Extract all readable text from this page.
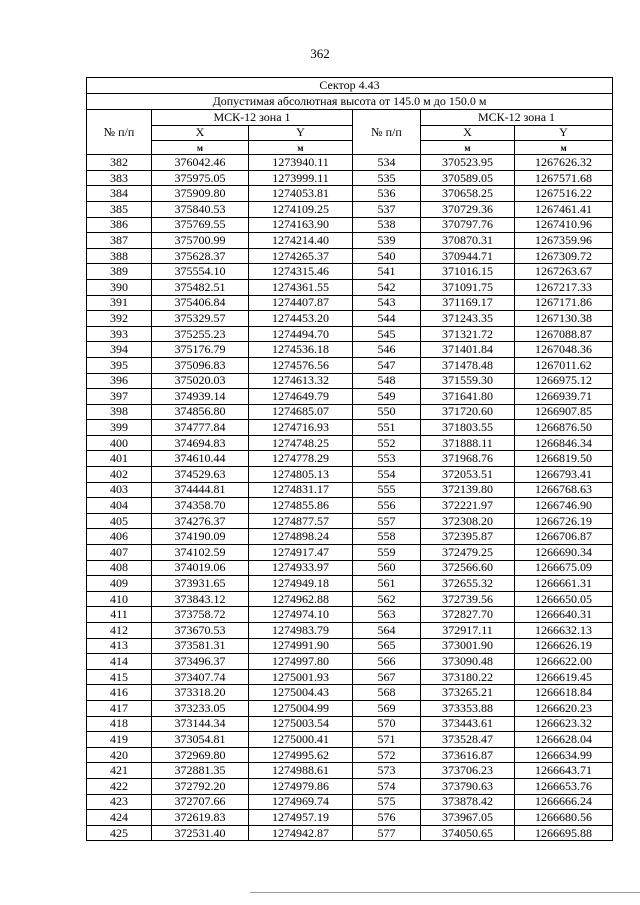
362
Сектор 4.43					
Допустимая абсолютная высота от 145.0 м до 150.0 м					
№ п/п	МСК-12 зона 1		№ п/п	МСК-12 зона 1	
	X	Y		X	Y
	м	м		м	м
382	376042.46	1273940.11	534	370523.95	1267626.32
383	375975.05	1273999.11	535	370589.05	1267571.68
384	375909.80	1274053.81	536	370658.25	1267516.22
385	375840.53	1274109.25	537	370729.36	1267461.41
386	375769.55	1274163.90	538	370797.76	1267410.96
387	375700.99	1274214.40	539	370870.31	1267359.96
388	375628.37	1274265.37	540	370944.71	1267309.72
389	375554.10	1274315.46	541	371016.15	1267263.67
390	375482.51	1274361.55	542	371091.75	1267217.33
391	375406.84	1274407.87	543	371169.17	1267171.86
392	375329.57	1274453.20	544	371243.35	1267130.38
393	375255.23	1274494.70	545	371321.72	1267088.87
394	375176.79	1274536.18	546	371401.84	1267048.36
395	375096.83	1274576.56	547	371478.48	1267011.62
396	375020.03	1274613.32	548	371559.30	1266975.12
397	374939.14	1274649.79	549	371641.80	1266939.71
398	374856.80	1274685.07	550	371720.60	1266907.85
399	374777.84	1274716.93	551	371803.55	1266876.50
400	374694.83	1274748.25	552	371888.11	1266846.34
401	374610.44	1274778.29	553	371968.76	1266819.50
402	374529.63	1274805.13	554	372053.51	1266793.41
403	374444.81	1274831.17	555	372139.80	1266768.63
404	374358.70	1274855.86	556	372221.97	1266746.90
405	374276.37	1274877.57	557	372308.20	1266726.19
406	374190.09	1274898.24	558	372395.87	1266706.87
407	374102.59	1274917.47	559	372479.25	1266690.34
408	374019.06	1274933.97	560	372566.60	1266675.09
409	373931.65	1274949.18	561	372655.32	1266661.31
410	373843.12	1274962.88	562	372739.56	1266650.05
411	373758.72	1274974.10	563	372827.70	1266640.31
412	373670.53	1274983.79	564	372917.11	1266632.13
413	373581.31	1274991.90	565	373001.90	1266626.19
414	373496.37	1274997.80	566	373090.48	1266622.00
415	373407.74	1275001.93	567	373180.22	1266619.45
416	373318.20	1275004.43	568	373265.21	1266618.84
417	373233.05	1275004.99	569	373353.88	1266620.23
418	373144.34	1275003.54	570	373443.61	1266623.32
419	373054.81	1275000.41	571	373528.47	1266628.04
420	372969.80	1274995.62	572	373616.87	1266634.99
421	372881.35	1274988.61	573	373706.23	1266643.71
422	372792.20	1274979.86	574	373790.63	1266653.76
423	372707.66	1274969.74	575	373878.42	1266666.24
424	372619.83	1274957.19	576	373967.05	1266680.56
425	372531.40	1274942.87	577	374050.65	1266695.88
